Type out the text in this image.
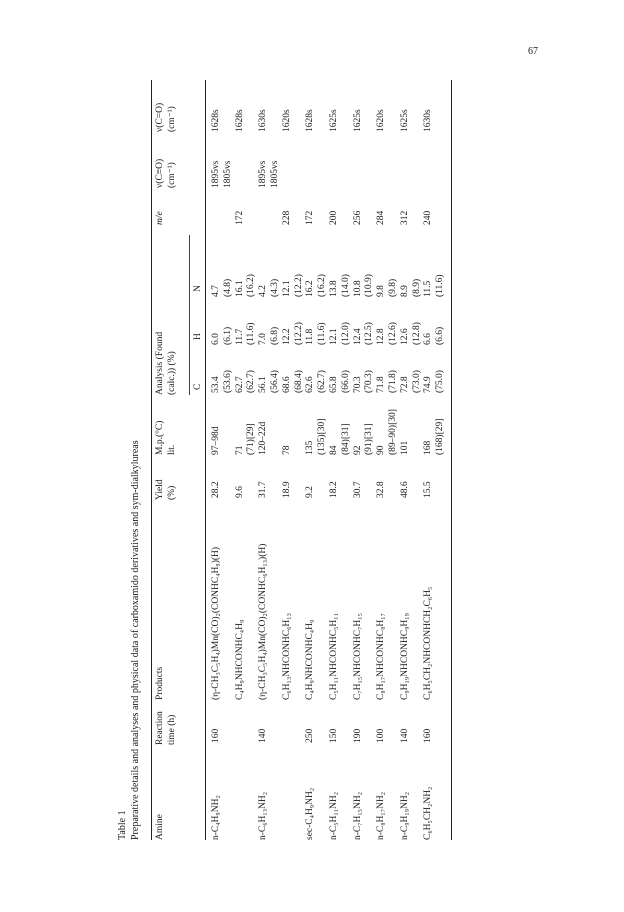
67
Table 1 Preparative details and analyses and physical data of carboxamido derivatives and sym-dialkylureas Amine
Reaction time (h)
Products
Yield (%)
M.p.(°C) lit.
Analysis (Found (calc.)) (%) C
H
N
m/e
ν(C≡O) (cm⁻¹)
ν(C=O) (cm⁻¹)
n-C₄H₉NH₂
160
(η-CH₃C₅H₄)Mn(CO)₂(CONHC₄H₉)(H)
28.2
97–98d
53.4
6.0
4.7
1895vs
1628s
(53.6)
(6.1)
(4.8)
1805vs
C₄H₉NHCONHC₄H₉
9.6
71
62.7
11.7
16.1
172
1628s
(71)[29]
(62.7)
(11.6)
(16.2)
n-C₆H₁₃NH₂
140
(η-CH₃C₅H₄)Mn(CO)₂(CONHC₆H₁₃)(H)
31.7
120–22d
56.1
7.0
4.2
1895vs
1630s
(56.4)
(6.8)
(4.3)
1805vs
C₆H₁₃NHCONHC₆H₁₃
18.9
78
68.6
12.2
12.1
228
1620s
(68.4)
(12.2)
(12.2)
sec-C₄H₉NH₂
250
C₄H₉NHCONHC₄H₉
9.2
135
62.6
11.8
16.2
172
1628s
(135)[30]
(62.7)
(11.6)
(16.2)
n-C₅H₁₁NH₂
150
C₅H₁₁NHCONHC₅H₁₁
18.2
84
65.8
12.1
13.8
200
1625s
(84)[31]
(66.0)
(12.0)
(14.0)
n-C₇H₁₅NH₂
190
C₇H₁₅NHCONHC₇H₁₅
30.7
92
70.3
12.4
10.8
256
1625s
(91)[31]
(70.3)
(12.5)
(10.9)
n-C₈H₁₇NH₂
100
C₈H₁₇NHCONHC₈H₁₇
32.8
90
71.8
12.8
9.8
284
1620s
(89–90)[30]
(71.8)
(12.6)
(9.8)
n-C₉H₁₉NH₂
140
C₉H₁₉NHCONHC₉H₁₉
48.6
101
72.8
12.6
8.9
312
1625s
(73.0)
(12.8)
(8.9)
C₆H₅CH₂NH₂
160
C₆H₅CH₂NHCONHCH₂C₆H₅
15.5
168
74.9
6.6
11.5
240
1630s
(168)[29]
(75.0)
(6.6)
(11.6)
